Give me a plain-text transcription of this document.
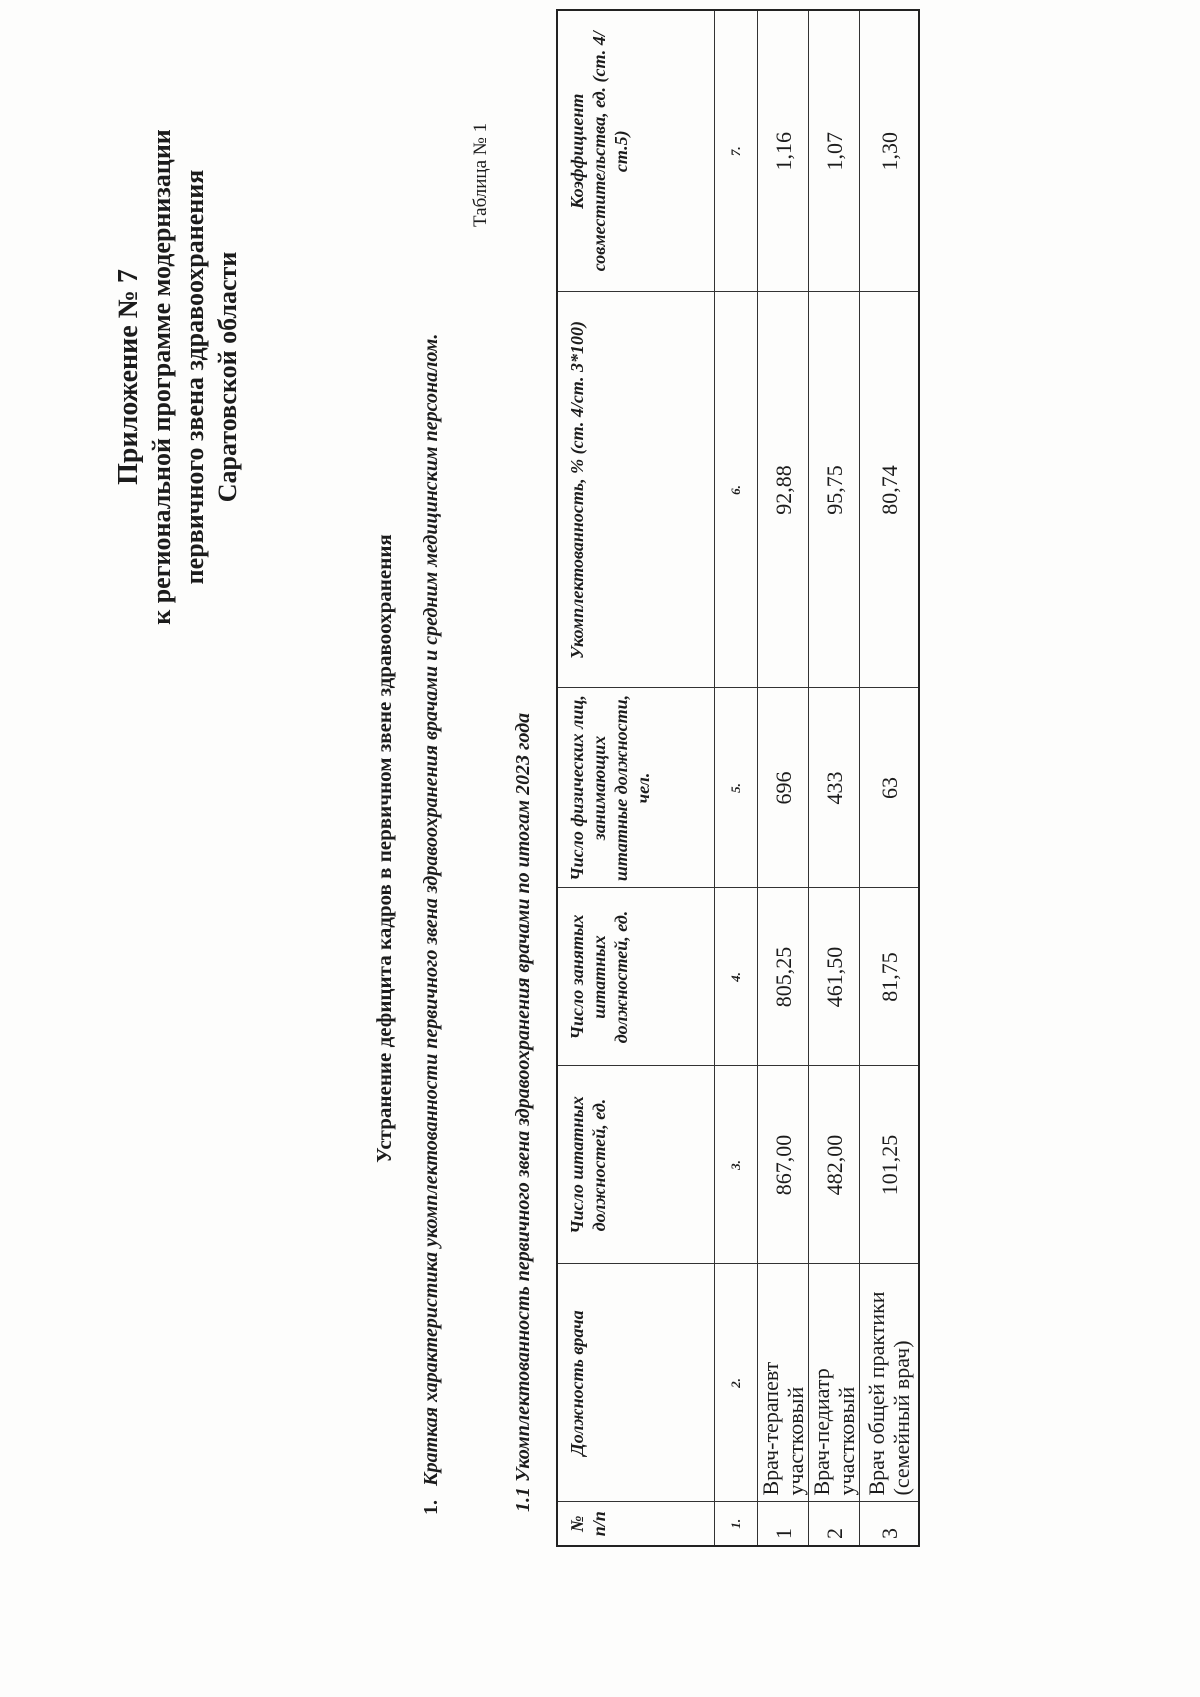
Приложение № 7 к региональной программе модернизации первичного звена здравоохранения Саратовской области
Устранение дефицита кадров в первичном звене здравоохранения
1.Краткая характеристика укомплектованности первичного звена здравоохранения врачами и средним медицинским персоналом.
Таблица № 1
1.1 Укомплектованность первичного звена здравоохранения врачами по итогам 2023 года
№ п/п	Должность врача	Число штатных должностей, ед.	Число занятых штатных должностей, ед.	Число физических лиц, занимающих штатные должности, чел.	Укомплектованность, % (ст. 4/ст. 3*100)	Коэффициент совместительства, ед. (ст. 4/ст.5)
1.	2.	3.	4.	5.	6.	7.
1	Врач-терапевт участковый	867,00	805,25	696	92,88	1,16
2	Врач-педиатр участковый	482,00	461,50	433	95,75	1,07
3	Врач общей практики (семейный врач)	101,25	81,75	63	80,74	1,30
